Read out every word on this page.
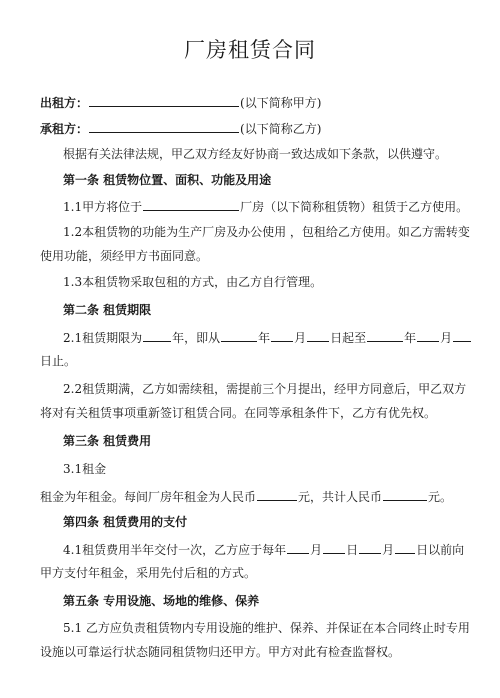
厂房租赁合同
出租方：	(以下简称甲方)
承租方：	(以下简称乙方)
根据有关法律法规，甲乙双方经友好协商一致达成如下条款，以供遵守。
第一条 租赁物位置、面积、功能及用途
1.1甲方将位于	厂房（以下简称租赁物）租赁于乙方使用。
1.2本租赁物的功能为生产厂房及办公使用 ，包租给乙方使用。如乙方需转变
使用功能，须经甲方书面同意。
1.3本租赁物采取包租的方式，由乙方自行管理。
第二条 租赁期限
2.1租赁期限为	年，即从	年 月 日起至	年 月
日止。
2.2租赁期满，乙方如需续租，需提前三个月提出，经甲方同意后，甲乙双方
将对有关租赁事项重新签订租赁合同。在同等承租条件下，乙方有优先权。
第三条 租赁费用
3.1租金
租金为年租金。每间厂房年租金为人民币	元，共计人民币	元。
第四条 租赁费用的支付
4.1租赁费用半年交付一次，乙方应于每年 月 日 月 日以前向
甲方支付年租金，采用先付后租的方式。
第五条 专用设施、场地的维修、保养
5.1 乙方应负责租赁物内专用设施的维护、保养、并保证在本合同终止时专用
设施以可靠运行状态随同租赁物归还甲方。甲方对此有检查监督权。
